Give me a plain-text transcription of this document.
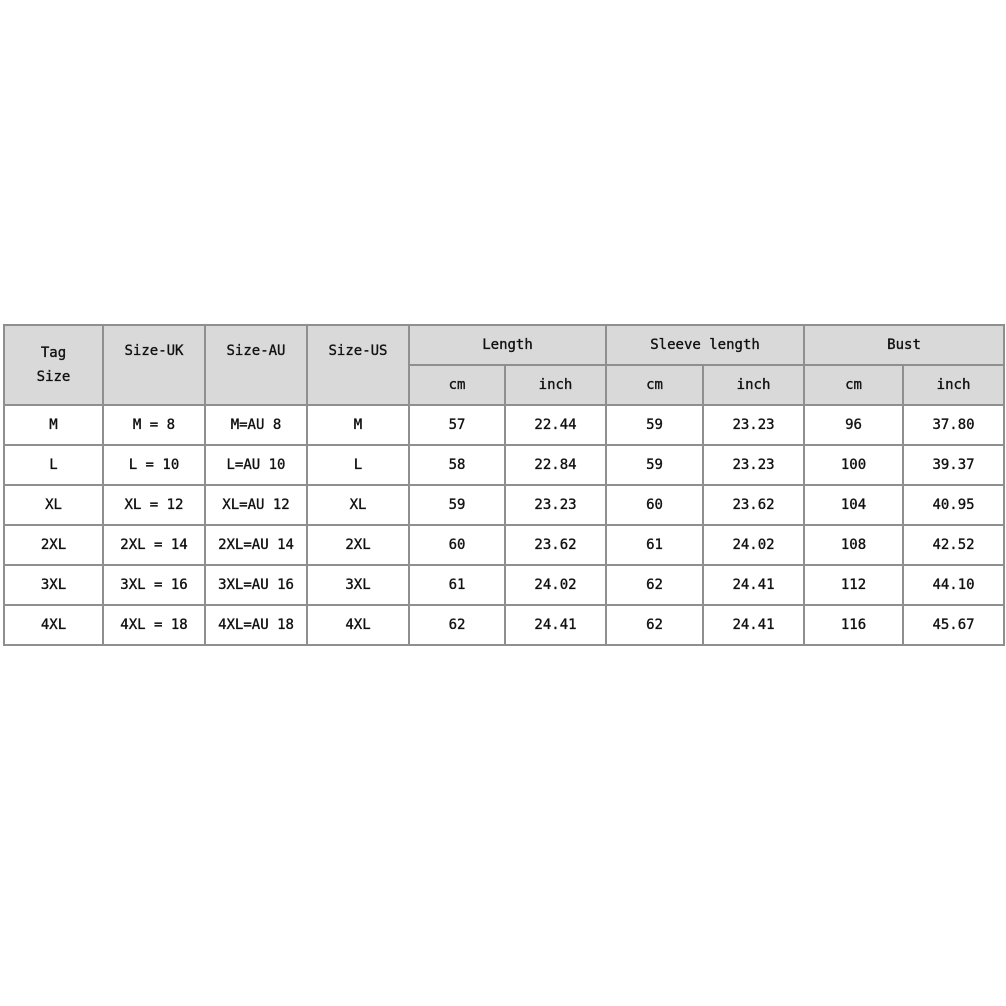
Tag
Size	Size-UK	Size-AU	Size-US	Length		Sleeve length		Bust	
				cm	inch	cm	inch	cm	inch
M	M = 8	M=AU 8	M	57	22.44	59	23.23	96	37.80
L	L = 10	L=AU 10	L	58	22.84	59	23.23	100	39.37
XL	XL = 12	XL=AU 12	XL	59	23.23	60	23.62	104	40.95
2XL	2XL = 14	2XL=AU 14	2XL	60	23.62	61	24.02	108	42.52
3XL	3XL = 16	3XL=AU 16	3XL	61	24.02	62	24.41	112	44.10
4XL	4XL = 18	4XL=AU 18	4XL	62	24.41	62	24.41	116	45.67
